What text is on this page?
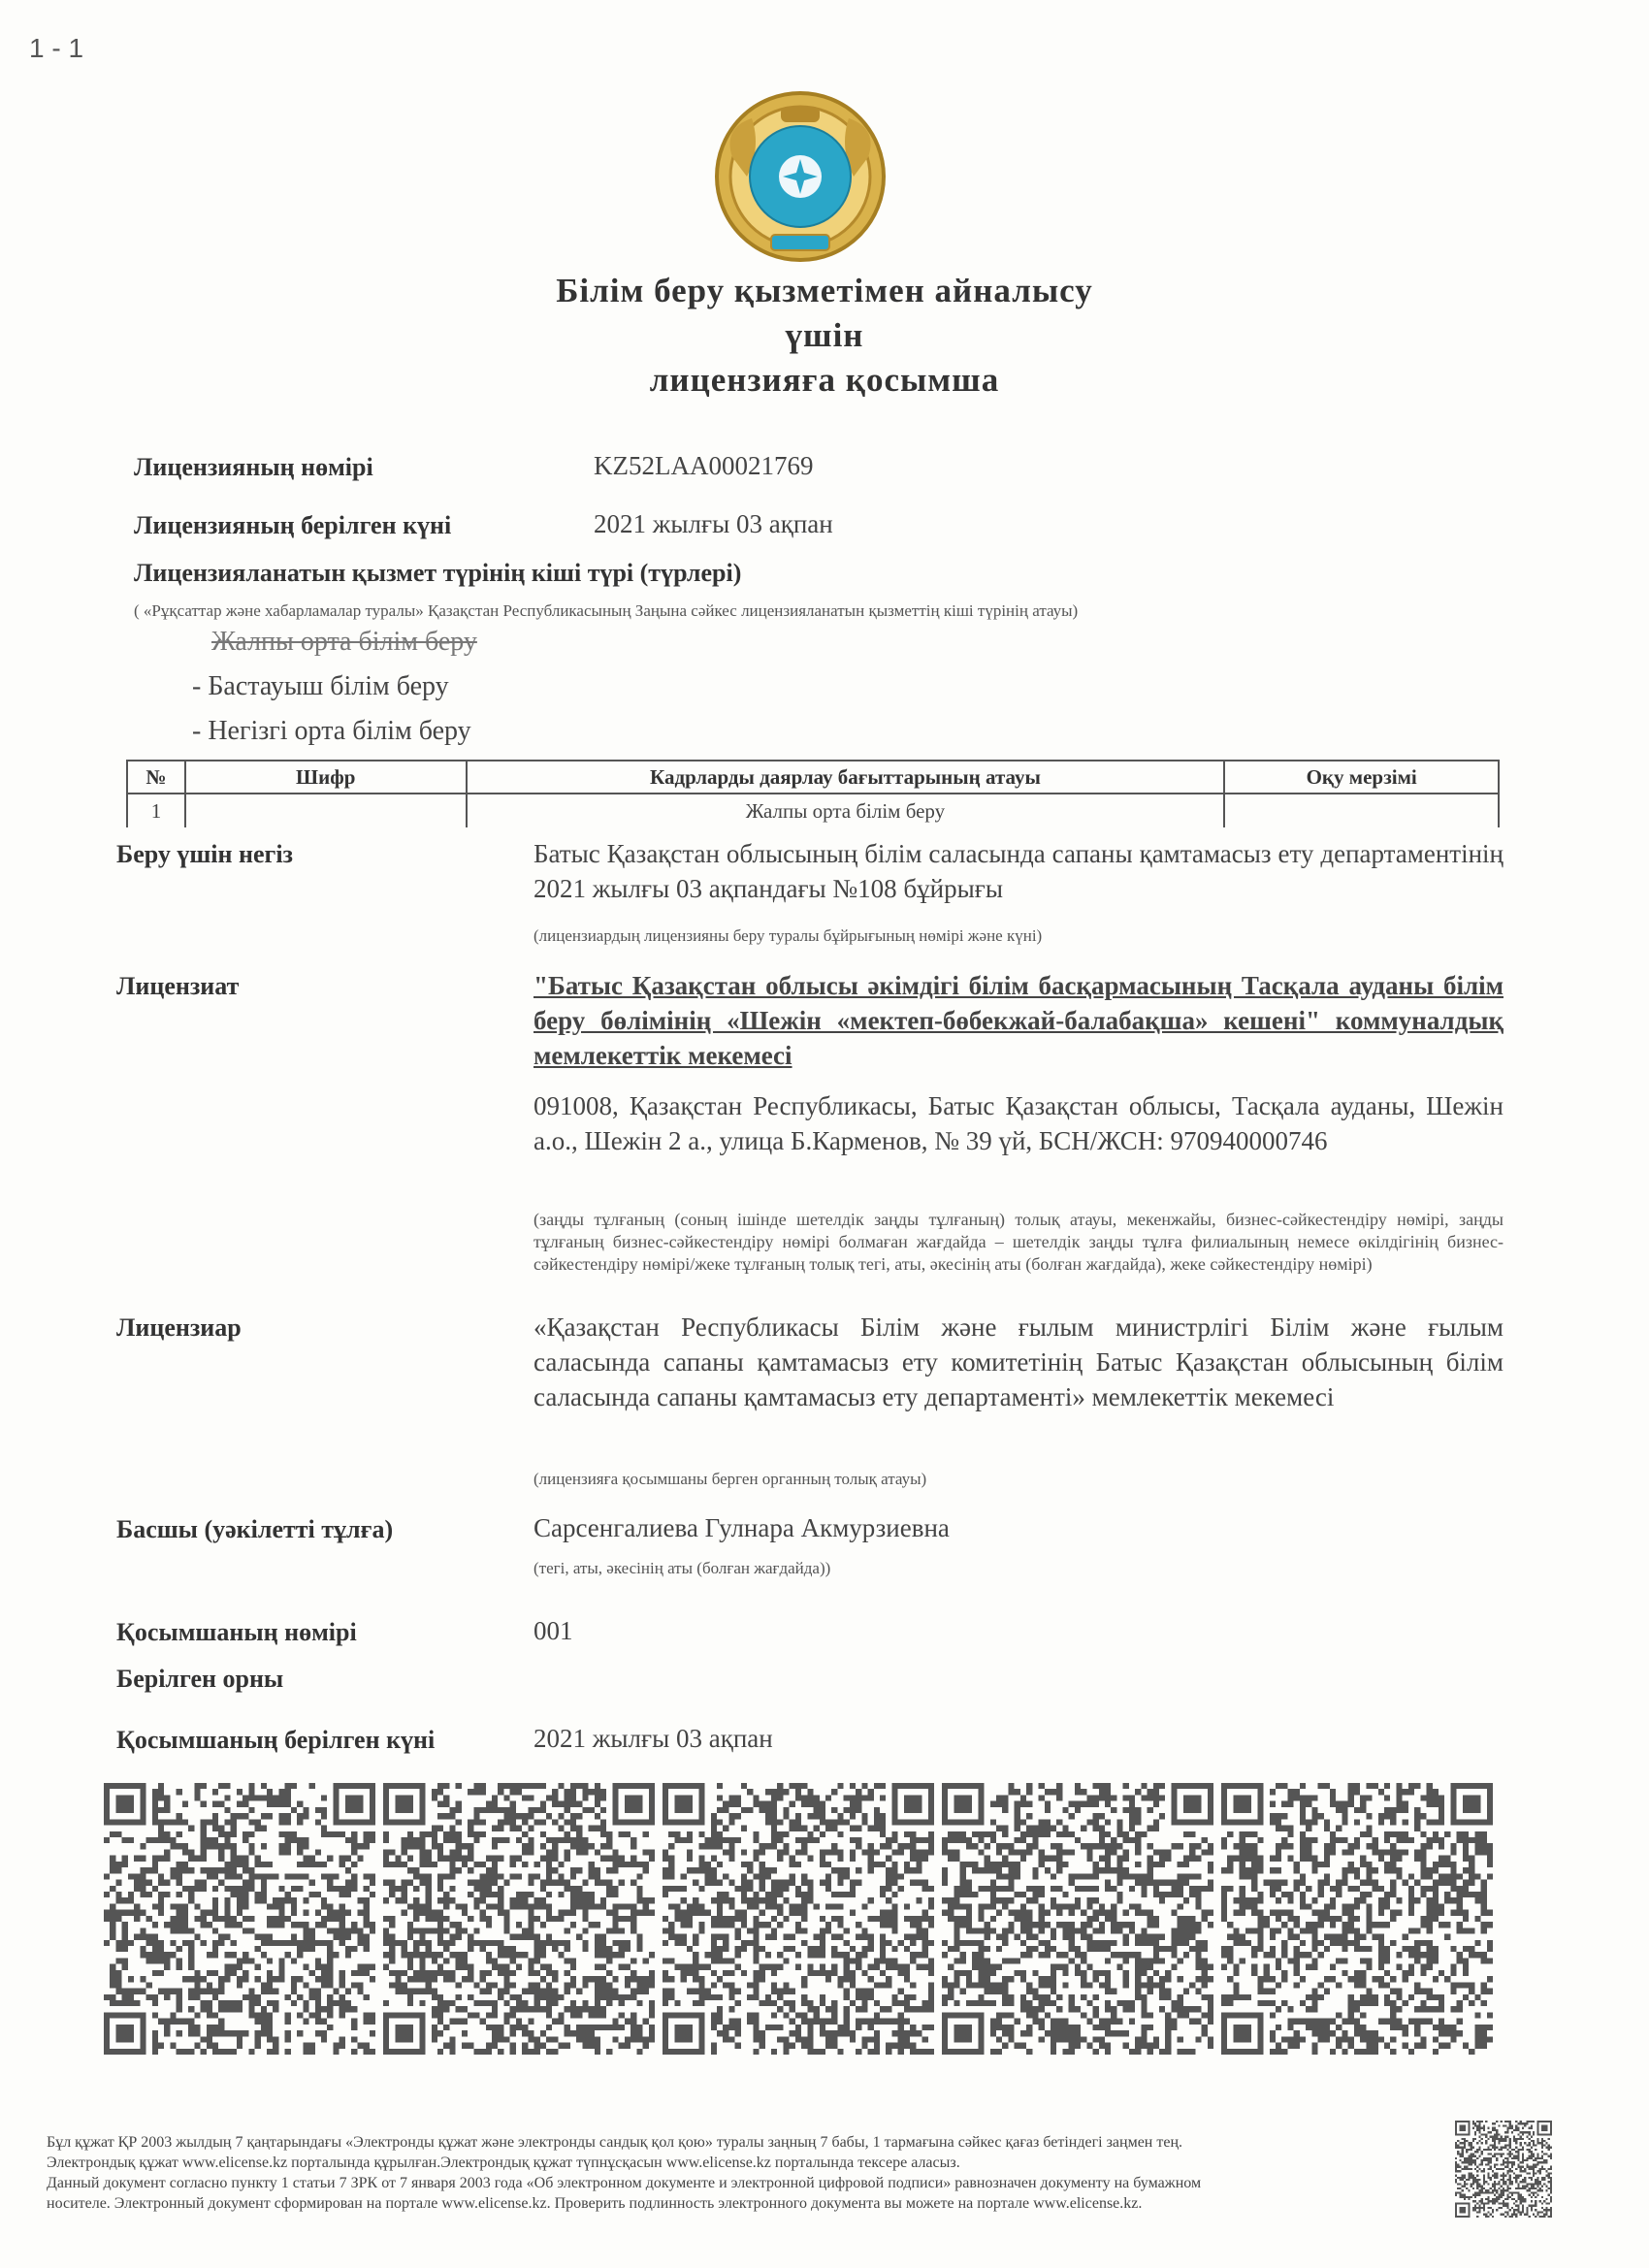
1 - 1
Білім беру қызметімен айналысу
үшін
лицензияға қосымша
Лицензияның нөмірі	KZ52LAA00021769
Лицензияның берілген күні	2021 жылғы 03 ақпан
Лицензияланатын қызмет түрінің кіші түрі (түрлері)
( «Рұқсаттар және хабарламалар туралы» Қазақстан Республикасының Заңына сәйкес лицензияланатын қызметтің кіші түрінің атауы)
Жалпы орта білім беру
- Бастауыш білім беру
- Негізгі орта білім беру
№	Шифр	Кадрларды даярлау бағыттарының атауы	Оқу мерзімі
1		Жалпы орта білім беру	
Беру үшін негіз	Батыс Қазақстан облысының білім саласында сапаны қамтамасыз ету департаментінің 2021 жылғы 03 ақпандағы №108 бұйрығы
(лицензиардың лицензияны беру туралы бұйрығының нөмірі және күні)
Лицензиат	"Батыс Қазақстан облысы әкімдігі білім басқармасының Тасқала ауданы білім беру бөлімінің «Шежін «мектеп-бөбекжай-балабақша» кешені" коммуналдық мемлекеттік мекемесі
091008, Қазақстан Республикасы, Батыс Қазақстан облысы, Тасқала ауданы, Шежін а.о., Шежін 2 а., улица Б.Карменов, № 39 үй, БСН/ЖСН: 970940000746
(заңды тұлғаның (соның ішінде шетелдік заңды тұлғаның) толық атауы, мекенжайы, бизнес-сәйкестендіру нөмірі, заңды тұлғаның бизнес-сәйкестендіру нөмірі болмаған жағдайда – шетелдік заңды тұлға филиалының немесе өкілдігінің бизнес-сәйкестендіру нөмірі/жеке тұлғаның толық тегі, аты, әкесінің аты (болған жағдайда), жеке сәйкестендіру нөмірі)
Лицензиар	«Қазақстан Республикасы Білім және ғылым министрлігі Білім және ғылым саласында сапаны қамтамасыз ету комитетінің Батыс Қазақстан облысының білім саласында сапаны қамтамасыз ету департаменті» мемлекеттік мекемесі
(лицензияға қосымшаны берген органның толық атауы)
Басшы (уәкілетті тұлға)	Сарсенгалиева Гулнара Акмурзиевна
(тегі, аты, әкесінің аты (болған жағдайда))
Қосымшаның нөмірі	001
Берілген орны
Қосымшаның берілген күні	2021 жылғы 03 ақпан
Бұл құжат ҚР 2003 жылдың 7 қаңтарындағы «Электронды құжат және электронды сандық қол қою» туралы заңның 7 бабы, 1 тармағына сәйкес қағаз бетіндегі заңмен тең.
Электрондық құжат www.elicense.kz порталында құрылған.Электрондық құжат түпнұсқасын www.elicense.kz порталында тексере аласыз.
Данный документ согласно пункту 1 статьи 7 ЗРК от 7 января 2003 года «Об электронном документе и электронной цифровой подписи» равнозначен документу на бумажном
носителе. Электронный документ сформирован на портале www.elicense.kz. Проверить подлинность электронного документа вы можете на портале www.elicense.kz.
